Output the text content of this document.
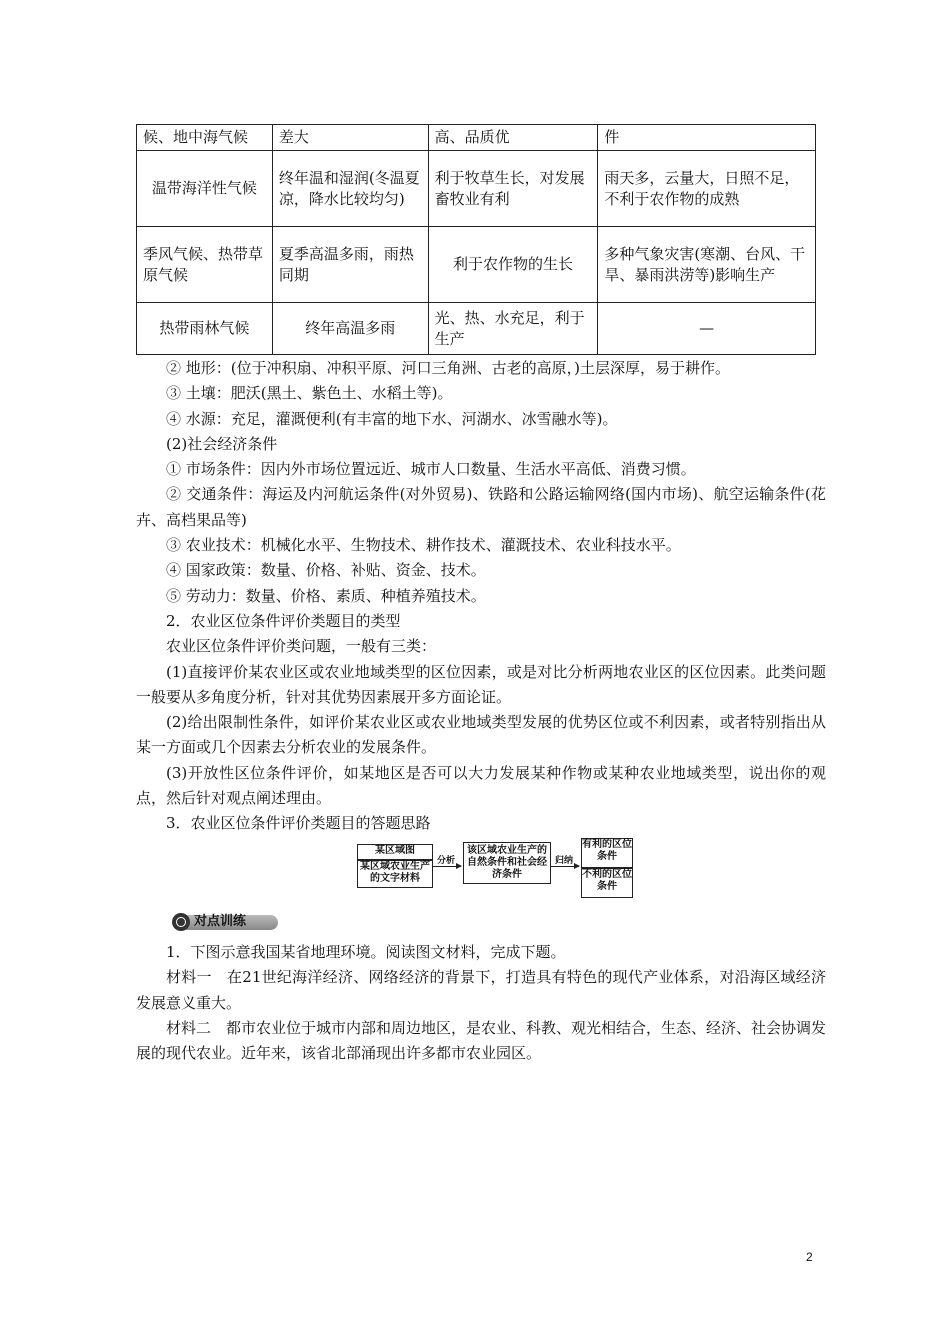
候、地中海气候	差大	高、品质优	件
温带海洋性气候	终年温和湿润(冬温夏凉，降水比较均匀)	利于牧草生长，对发展畜牧业有利	雨天多，云量大，日照不足，不利于农作物的成熟
季风气候、热带草原气候	夏季高温多雨，雨热同期	利于农作物的生长	多种气象灾害(寒潮、台风、干旱、暴雨洪涝等)影响生产
热带雨林气候	终年高温多雨	光、热、水充足，利于生产	—

② 地形：(位于冲积扇、冲积平原、河口三角洲、古老的高原，)土层深厚，易于耕作。

③ 土壤：肥沃(黑土、紫色土、水稻土等)。

④ 水源：充足，灌溉便利(有丰富的地下水、河湖水、冰雪融水等)。

(2)社会经济条件

① 市场条件：因内外市场位置远近、城市人口数量、生活水平高低、消费习惯。

② 交通条件：海运及内河航运条件(对外贸易)、铁路和公路运输网络(国内市场)、航空运输条件(花卉、高档果品等)

③ 农业技术：机械化水平、生物技术、耕作技术、灌溉技术、农业科技水平。

④ 国家政策：数量、价格、补贴、资金、技术。

⑤ 劳动力：数量、价格、素质、种植养殖技术。

2．农业区位条件评价类题目的类型

农业区位条件评价类问题，一般有三类：

(1)直接评价某农业区或农业地域类型的区位因素，或是对比分析两地农业区的区位因素。此类问题一般要从多角度分析，针对其优势因素展开多方面论证。

(2)给出限制性条件，如评价某农业区或农业地域类型发展的优势区位或不利因素，或者特别指出从某一方面或几个因素去分析农业的发展条件。

(3)开放性区位条件评价，如某地区是否可以大力发展某种作物或某种农业地域类型，说出你的观点，然后针对观点阐述理由。

3．农业区位条件评价类题目的答题思路

某区域图
某区域农业生产的文字材料
分析
该区域农业生产的自然条件和社会经济条件
归纳
有利的区位条件
不利的区位条件
对点训练

1．下图示意我国某省地理环境。阅读图文材料，完成下题。

材料一　在21世纪海洋经济、网络经济的背景下，打造具有特色的现代产业体系，对沿海区域经济发展意义重大。

材料二　都市农业位于城市内部和周边地区，是农业、科教、观光相结合，生态、经济、社会协调发展的现代农业。近年来，该省北部涌现出许多都市农业园区。

2
